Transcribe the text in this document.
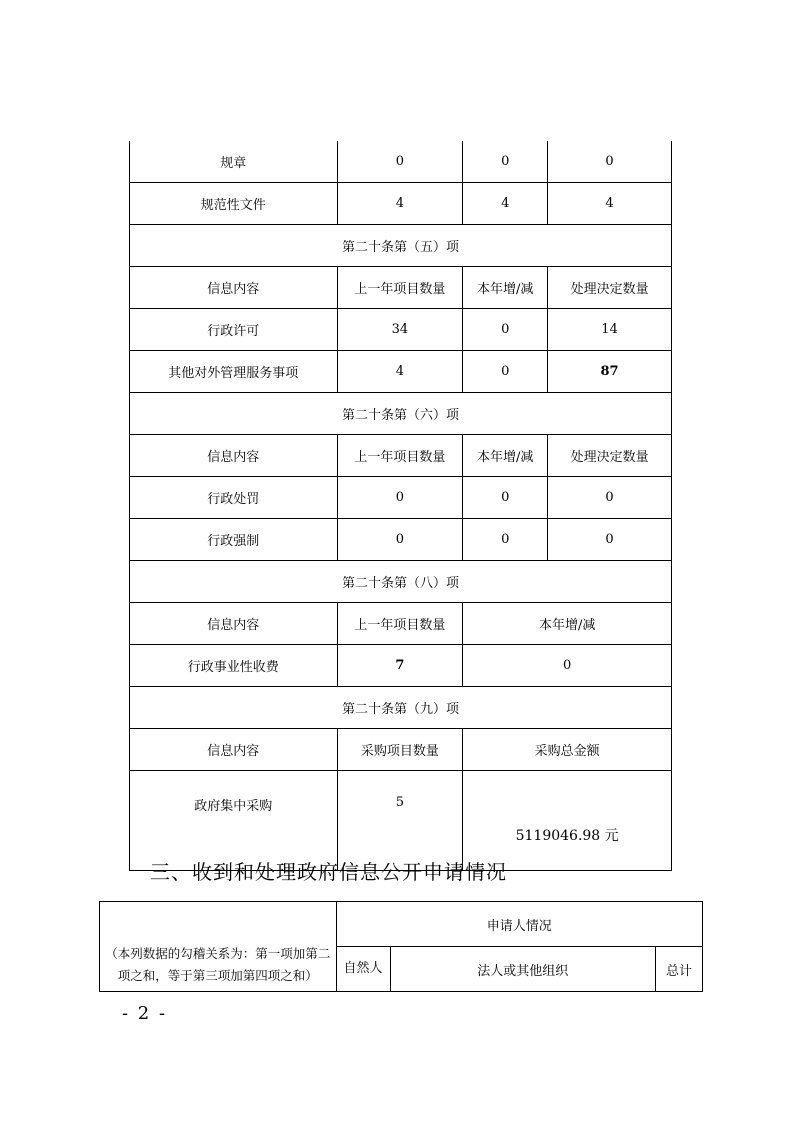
规章	0	0	0
规范性文件	4	4	4
第二十条第（五）项			
信息内容	上一年项目数量	本年增/减	处理决定数量
行政许可	34	0	14
其他对外管理服务事项	4	0	87
第二十条第（六）项			
信息内容	上一年项目数量	本年增/减	处理决定数量
行政处罚	0	0	0
行政强制	0	0	0
第二十条第（八）项			
信息内容	上一年项目数量	本年增/减	
行政事业性收费	7	0	
第二十条第（九）项			
信息内容	采购项目数量	采购总金额	
政府集中采购	5	5119046.98 元	
三、收到和处理政府信息公开申请情况
（本列数据的勾稽关系为：第一项加第二项之和，等于第三项加第四项之和）	申请人情况		
	自然人	法人或其他组织	总计
- 2 -
